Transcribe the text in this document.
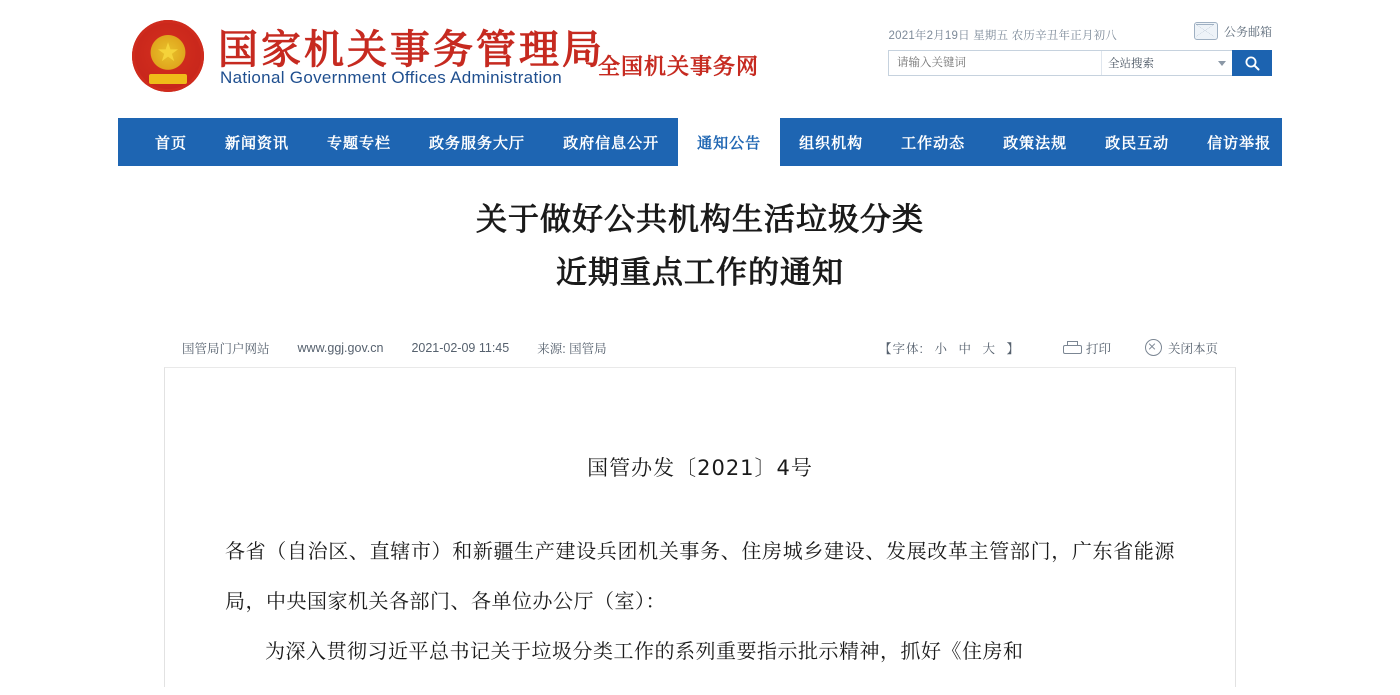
★ 国家机关事务管理局
National Government Offices Administration 全国机关事务网
2021年2月19日 星期五 农历辛丑年正月初八	公务邮箱
请输入关键词
全站搜索
首页	新闻资讯	专题专栏	政务服务大厅	政府信息公开	通知公告	组织机构	工作动态	政策法规	政民互动	信访举报
关于做好公共机构生活垃圾分类
近期重点工作的通知
国管局门户网站 www.ggj.gov.cn 2021-02-09 11:45 来源: 国管局	【字体: 小 中 大 】	打印	关闭本页
国管办发〔2021〕4号
各省（自治区、直辖市）和新疆生产建设兵团机关事务、住房城乡建设、发展改革主管部门，广东省能源局，中央国家机关各部门、各单位办公厅（室）：
为深入贯彻习近平总书记关于垃圾分类工作的系列重要指示批示精神，抓好《住房和
